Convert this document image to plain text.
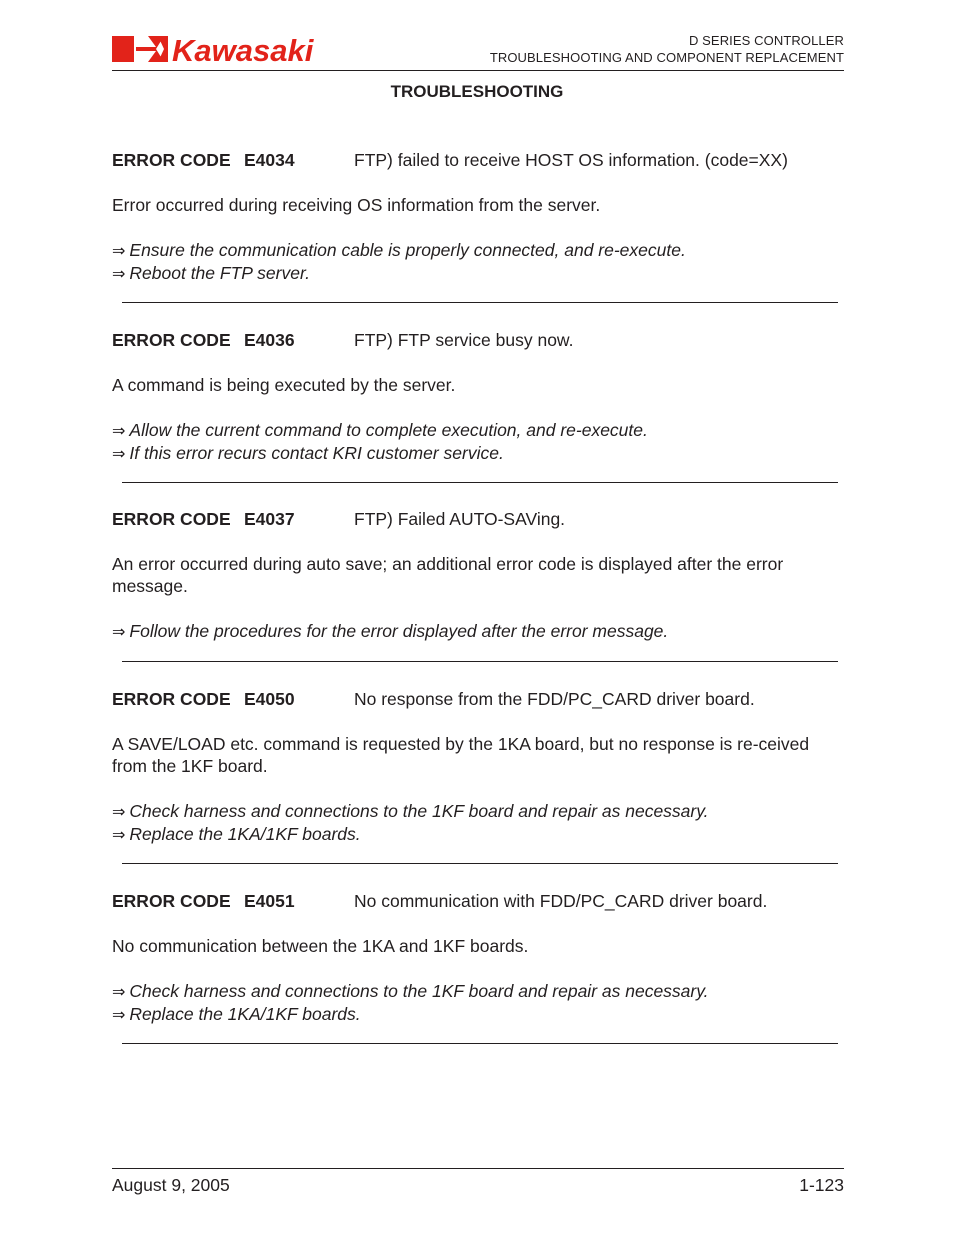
Kawasaki	D SERIES CONTROLLER
TROUBLESHOOTING AND COMPONENT REPLACEMENT
TROUBLESHOOTING
ERROR CODE E4034	FTP) failed to receive HOST OS information. (code=XX)
Error occurred during receiving OS information from the server.
⇒ Ensure the communication cable is properly connected, and re-execute.
⇒ Reboot the FTP server.
ERROR CODE E4036	FTP) FTP service busy now.
A command is being executed by the server.
⇒ Allow the current command to complete execution, and re-execute.
⇒ If this error recurs contact KRI customer service.
ERROR CODE E4037	FTP) Failed AUTO-SAVing.
An error occurred during auto save; an additional error code is displayed after the error message.
⇒ Follow the procedures for the error displayed after the error message.
ERROR CODE E4050	No response from the FDD/PC_CARD driver board.
A SAVE/LOAD etc. command is requested by the 1KA board, but no response is re-ceived from the 1KF board.
⇒ Check harness and connections to the 1KF board and repair as necessary.
⇒ Replace the 1KA/1KF boards.
ERROR CODE E4051	No communication with FDD/PC_CARD driver board.
No communication between the 1KA and 1KF boards.
⇒ Check harness and connections to the 1KF board and repair as necessary.
⇒ Replace the 1KA/1KF boards.
August 9, 2005	1-123
